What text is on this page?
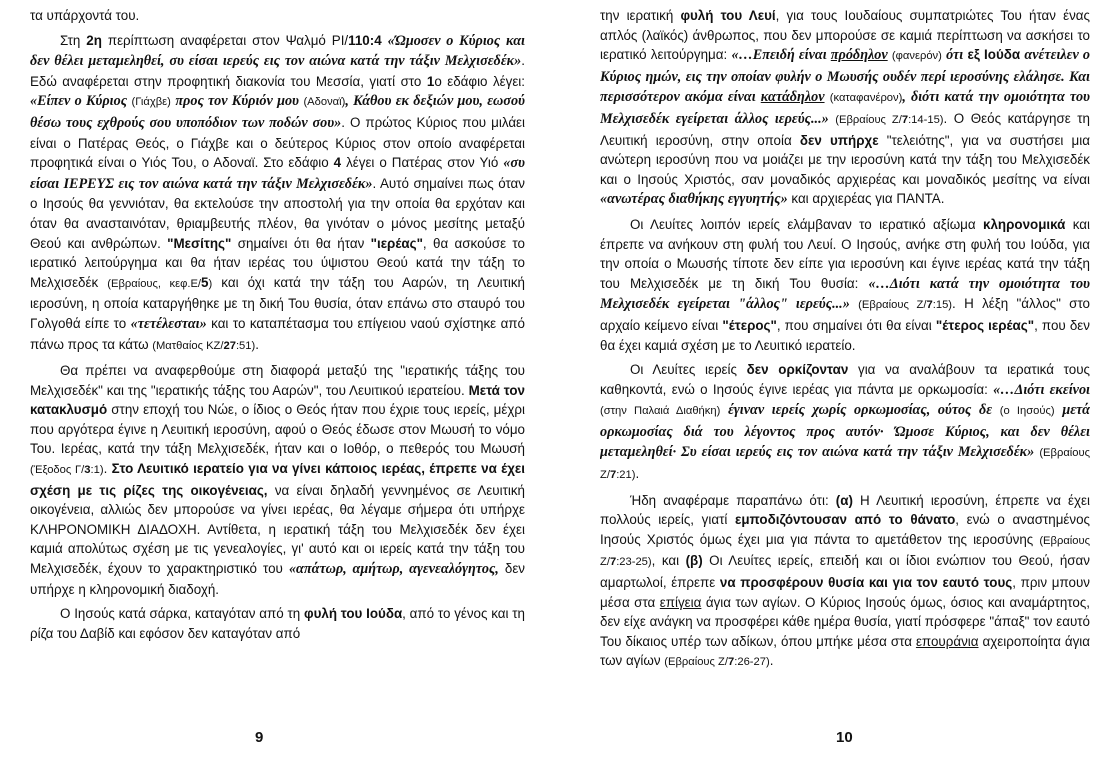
τα υπάρχοντά του.

Στη 2η περίπτωση αναφέρεται στον Ψαλμό ΡΙ/110:4 «Ώμοσεν ο Κύριος και δεν θέλει μεταμεληθεί, συ είσαι ιερεύς εις τον αιώνα κατά την τάξιν Μελχισεδέκ». Εδώ αναφέρεται στην προφητική διακονία του Μεσσία, γιατί στο 1ο εδάφιο λέγει: «Είπεν ο Κύριος (Γιάχβε) προς τον Κύριόν μου (Αδοναϊ), Κάθου εκ δεξιών μου, εωσού θέσω τους εχθρούς σου υποπόδιον των ποδών σου». Ο πρώτος Κύριος που μιλάει είναι ο Πατέρας Θεός, ο Γιάχβε και ο δεύτερος Κύριος στον οποίο αναφέρεται προφητικά είναι ο Υιός Του, ο Αδοναϊ. Στο εδάφιο 4 λέγει ο Πατέρας στον Υιό «συ είσαι ΙΕΡΕΥΣ εις τον αιώνα κατά την τάξιν Μελχισεδέκ». Αυτό σημαίνει πως όταν ο Ιησούς θα γεννιόταν, θα εκτελούσε την αποστολή για την οποία θα ερχόταν και όταν θα ανασταινόταν, θριαμβευτής πλέον, θα γινόταν ο μόνος μεσίτης μεταξύ Θεού και ανθρώπων. "Μεσίτης" σημαίνει ότι θα ήταν "ιερέας", θα ασκούσε το ιερατικό λειτούργημα και θα ήταν ιερέας του ύψιστου Θεού κατά την τάξη το Μελχισεδέκ (Εβραίους, κεφ.Ε/5) και όχι κατά την τάξη του Ααρών, τη Λευιτική ιεροσύνη, η οποία καταργήθηκε με τη δική Του θυσία, όταν επάνω στο σταυρό του Γολγοθά είπε το «τετέλεσται» και το καταπέτασμα του επίγειου ναού σχίστηκε από πάνω προς τα κάτω (Ματθαίος ΚΖ/27:51).

Θα πρέπει να αναφερθούμε στη διαφορά μεταξύ της "ιερατικής τάξης του Μελχισεδέκ" και της "ιερατικής τάξης του Ααρών", του Λευιτικού ιερατείου. Μετά τον κατακλυσμό στην εποχή του Νώε, ο ίδιος ο Θεός ήταν που έχριε τους ιερείς, μέχρι που αργότερα έγινε η Λευιτική ιεροσύνη, αφού ο Θεός έδωσε στον Μωυσή το νόμο Του. Ιερέας, κατά την τάξη Μελχισεδέκ, ήταν και ο Ιοθόρ, ο πεθερός του Μωυσή (Έξοδος Γ/3:1). Στο Λευιτικό ιερατείο για να γίνει κάποιος ιερέας, έπρεπε να έχει σχέση με τις ρίζες της οικογένειας, να είναι δηλαδή γεννημένος σε Λευιτική οικογένεια, αλλιώς δεν μπορούσε να γίνει ιερέας, θα λέγαμε σήμερα ότι υπήρχε ΚΛΗΡΟΝΟΜΙΚΗ ΔΙΑΔΟΧΗ. Αντίθετα, η ιερατική τάξη του Μελχισεδέκ δεν έχει καμιά απολύτως σχέση με τις γενεαλογίες, γι' αυτό και οι ιερείς κατά την τάξη του Μελχισεδέκ, έχουν το χαρακτηριστικό του «απάτωρ, αμήτωρ, αγενεαλόγητος, δεν υπήρχε η κληρονομική διαδοχή.

Ο Ιησούς κατά σάρκα, καταγόταν από τη φυλή του Ιούδα, από το γένος και τη ρίζα του Δαβίδ και εφόσον δεν καταγόταν από

9

την ιερατική φυλή του Λευί, για τους Ιουδαίους συμπατριώτες Του ήταν ένας απλός (λαϊκός) άνθρωπος, που δεν μπορούσε σε καμιά περίπτωση να ασκήσει το ιερατικό λειτούργημα: «…Επειδή είναι πρόδηλον (φανερόν) ότι εξ Ιούδα ανέτειλεν ο Κύριος ημών, εις την οποίαν φυλήν ο Μωυσής ουδέν περί ιεροσύνης ελάλησε. Και περισσότερον ακόμα είναι κατάδηλον (καταφανέρον), διότι κατά την ομοιότητα του Μελχισεδέκ εγείρεται άλλος ιερεύς...» (Εβραίους Ζ/7:14-15). Ο Θεός κατάργησε τη Λευιτική ιεροσύνη, στην οποία δεν υπήρχε "τελειότης", για να συστήσει μια ανώτερη ιεροσύνη που να μοιάζει με την ιεροσύνη κατά την τάξη του Μελχισεδέκ και ο Ιησούς Χριστός, σαν μοναδικός αρχιερέας και μοναδικός μεσίτης να είναι «ανωτέρας διαθήκης εγγυητής» και αρχιερέας για ΠΑΝΤΑ.

Οι Λευίτες λοιπόν ιερείς ελάμβαναν το ιερατικό αξίωμα κληρονομικά και έπρεπε να ανήκουν στη φυλή του Λευί. Ο Ιησούς, ανήκε στη φυλή του Ιούδα, για την οποία ο Μωυσής τίποτε δεν είπε για ιεροσύνη και έγινε ιερέας κατά την τάξη του Μελχισεδέκ με τη δική Του θυσία: «…Διότι κατά την ομοιότητα του Μελχισεδέκ εγείρεται "άλλος" ιερεύς...» (Εβραίους Ζ/7:15). Η λέξη "άλλος" στο αρχαίο κείμενο είναι "έτερος", που σημαίνει ότι θα είναι "έτερος ιερέας", που δεν θα έχει καμιά σχέση με το Λευιτικό ιερατείο.

Οι Λευίτες ιερείς δεν ορκίζονταν για να αναλάβουν τα ιερατικά τους καθηκοντά, ενώ ο Ιησούς έγινε ιερέας για πάντα με ορκωμοσία: «…Διότι εκείνοι (στην Παλαιά Διαθήκη) έγιναν ιερείς χωρίς ορκωμοσίας, ούτος δε (ο Ιησούς) μετά ορκωμοσίας διά του λέγοντος προς αυτόν· Ώμοσε Κύριος, και δεν θέλει μεταμεληθεί· Συ είσαι ιερεύς εις τον αιώνα κατά την τάξιν Μελχισεδέκ» (Εβραίους Ζ/7:21).

Ήδη αναφέραμε παραπάνω ότι: (α) Η Λευιτική ιεροσύνη, έπρεπε να έχει πολλούς ιερείς, γιατί εμποδιζόντουσαν από το θάνατο, ενώ ο αναστημένος Ιησούς Χριστός όμως έχει μια για πάντα το αμετάθετον της ιεροσύνης (Εβραίους Ζ/7:23-25), και (β) Οι Λευίτες ιερείς, επειδή και οι ίδιοι ενώπιον του Θεού, ήσαν αμαρτωλοί, έπρεπε να προσφέρουν θυσία και για τον εαυτό τους, πριν μπουν μέσα στα επίγεια άγια των αγίων. Ο Κύριος Ιησούς όμως, όσιος και αναμάρτητος, δεν είχε ανάγκη να προσφέρει κάθε ημέρα θυσία, γιατί πρόσφερε "άπαξ" τον εαυτό Του δίκαιος υπέρ των αδίκων, όπου μπήκε μέσα στα επουράνια αχειροποίητα άγια των αγίων (Εβραίους Ζ/7:26-27).

10
